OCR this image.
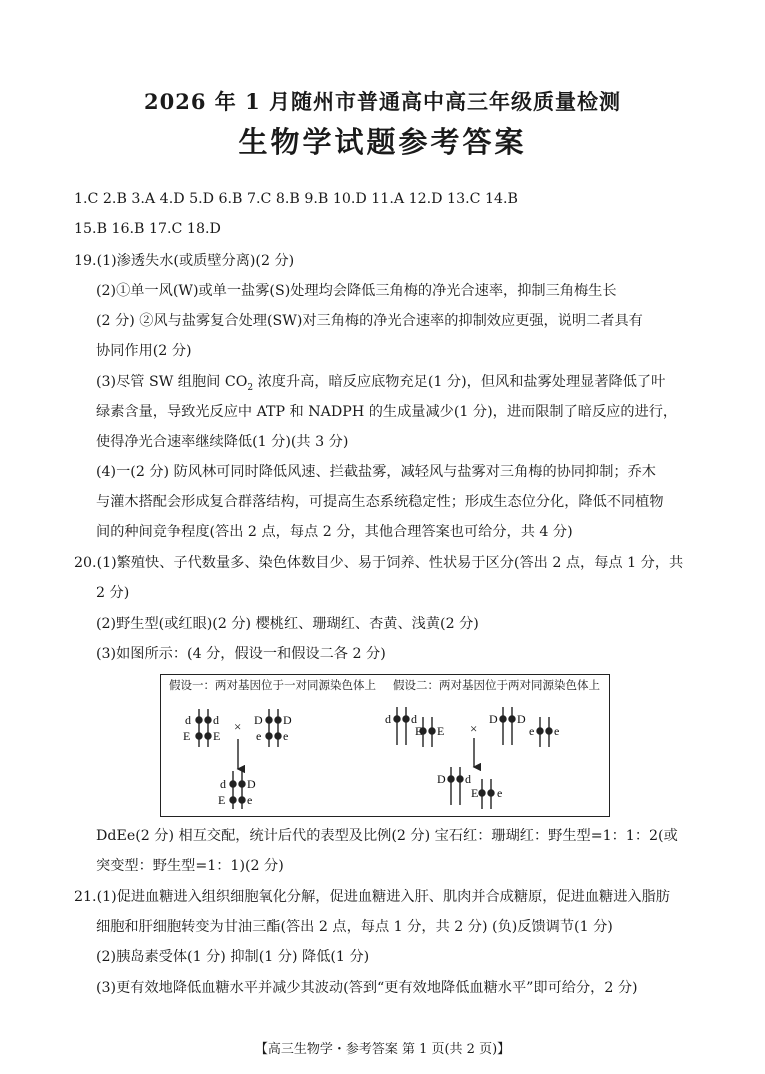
2026 年 1 月随州市普通高中高三年级质量检测
生物学试题参考答案
1.C 2.B 3.A 4.D 5.D 6.B 7.C 8.B 9.B 10.D 11.A 12.D 13.C 14.B
15.B 16.B 17.C 18.D
19.(1)渗透失水(或质壁分离)(2 分)
(2)①单一风(W)或单一盐雾(S)处理均会降低三角梅的净光合速率，抑制三角梅生长
(2 分) ②风与盐雾复合处理(SW)对三角梅的净光合速率的抑制效应更强，说明二者具有
协同作用(2 分)
(3)尽管 SW 组胞间 $CO_2$ 浓度升高，暗反应底物充足(1 分)，但风和盐雾处理显著降低了叶
绿素含量，导致光反应中 ATP 和 NADPH 的生成量减少(1 分)，进而限制了暗反应的进行，
使得净光合速率继续降低(1 分)(共 3 分)
(4)一(2 分) 防风林可同时降低风速、拦截盐雾，减轻风与盐雾对三角梅的协同抑制；乔木
与灌木搭配会形成复合群落结构，可提高生态系统稳定性；形成生态位分化，降低不同植物
间的种间竞争程度(答出 2 点，每点 2 分，其他合理答案也可给分，共 4 分)
20.(1)繁殖快、子代数量多、染色体数目少、易于饲养、性状易于区分(答出 2 点，每点 1 分，共
2 分)
(2)野生型(或红眼)(2 分) 樱桃红、珊瑚红、杏黄、浅黄(2 分)
(3)如图所示：(4 分，假设一和假设二各 2 分)
假设一：两对基因位于一对同源染色体上 假设二：两对基因位于两对同源染色体上
d d
E E
× D D
e e
d D
E e
d d
E E ×
D D
e e
D d
E e
DdEe(2 分) 相互交配，统计后代的表型及比例(2 分) 宝石红：珊瑚红：野生型=1：1：2(或
突变型：野生型=1：1)(2 分)
21.(1)促进血糖进入组织细胞氧化分解，促进血糖进入肝、肌肉并合成糖原，促进血糖进入脂肪
细胞和肝细胞转变为甘油三酯(答出 2 点，每点 1 分，共 2 分) (负)反馈调节(1 分)
(2)胰岛素受体(1 分) 抑制(1 分) 降低(1 分)
(3)更有效地降低血糖水平并减少其波动(答到“更有效地降低血糖水平”即可给分，2 分)
【高三生物学・参考答案 第 1 页(共 2 页)】
